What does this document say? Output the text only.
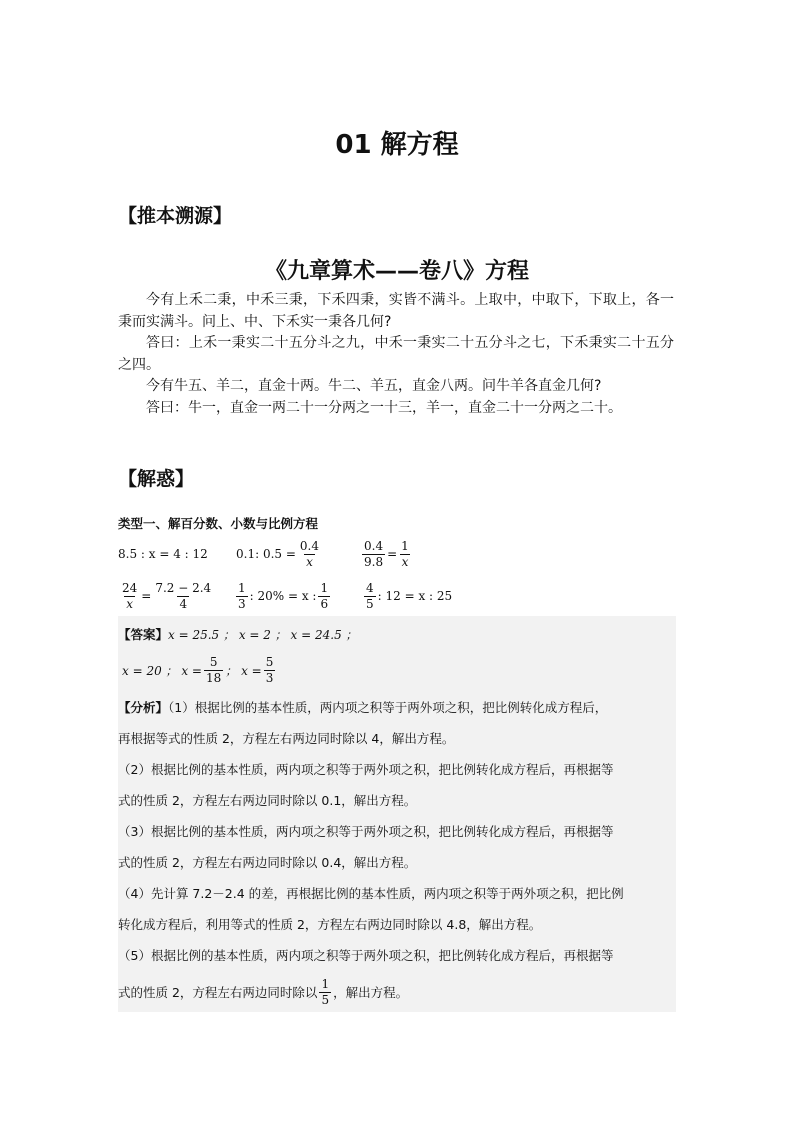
01 解方程
【推本溯源】
《九章算术——卷八》方程

今有上禾二秉，中禾三秉，下禾四秉，实皆不满斗。上取中，中取下，下取上，各一秉而实满斗。问上、中、下禾实一秉各几何?

答曰：上禾一秉实二十五分斗之九，中禾一秉实二十五分斗之七，下禾秉实二十五分之四。

今有牛五、羊二，直金十两。牛二、羊五，直金八两。问牛羊各直金几何?

答曰：牛一，直金一两二十一分两之一十三，羊一，直金二十一分两之二十。

【解惑】
类型一、解百分数、小数与比例方程
8.5 : x = 4 : 12 0.1: $0.5 = \frac{0.4}{x}$	$\frac{0.4}{9.8} = \frac{1}{x}$
$\frac{24}{x} = \frac{7.2 - 2.4}{4} \frac{1}{3}$ : 20% = x : $\frac{1}{6}$	$\frac{4}{5}$ : 12 = x : 25
【答案】 x = 25.5 ； x = 2 ； x = 24.5 ；
x = 20 ； $x = \frac{5}{18}$ ； $x = \frac{5}{3}$
【分析】（1）根据比例的基本性质，两内项之积等于两外项之积，把比例转化成方程后，
再根据等式的性质 2，方程左右两边同时除以 4，解出方程。
（2）根据比例的基本性质，两内项之积等于两外项之积，把比例转化成方程后，再根据等
式的性质 2，方程左右两边同时除以 0.1，解出方程。
（3）根据比例的基本性质，两内项之积等于两外项之积，把比例转化成方程后，再根据等
式的性质 2，方程左右两边同时除以 0.4，解出方程。
（4）先计算 7.2－2.4 的差，再根据比例的基本性质，两内项之积等于两外项之积，把比例
转化成方程后，利用等式的性质 2，方程左右两边同时除以 4.8，解出方程。
（5）根据比例的基本性质，两内项之积等于两外项之积，把比例转化成方程后，再根据等
式的性质 2，方程左右两边同时除以 $\frac{1}{5}$ ，解出方程。
